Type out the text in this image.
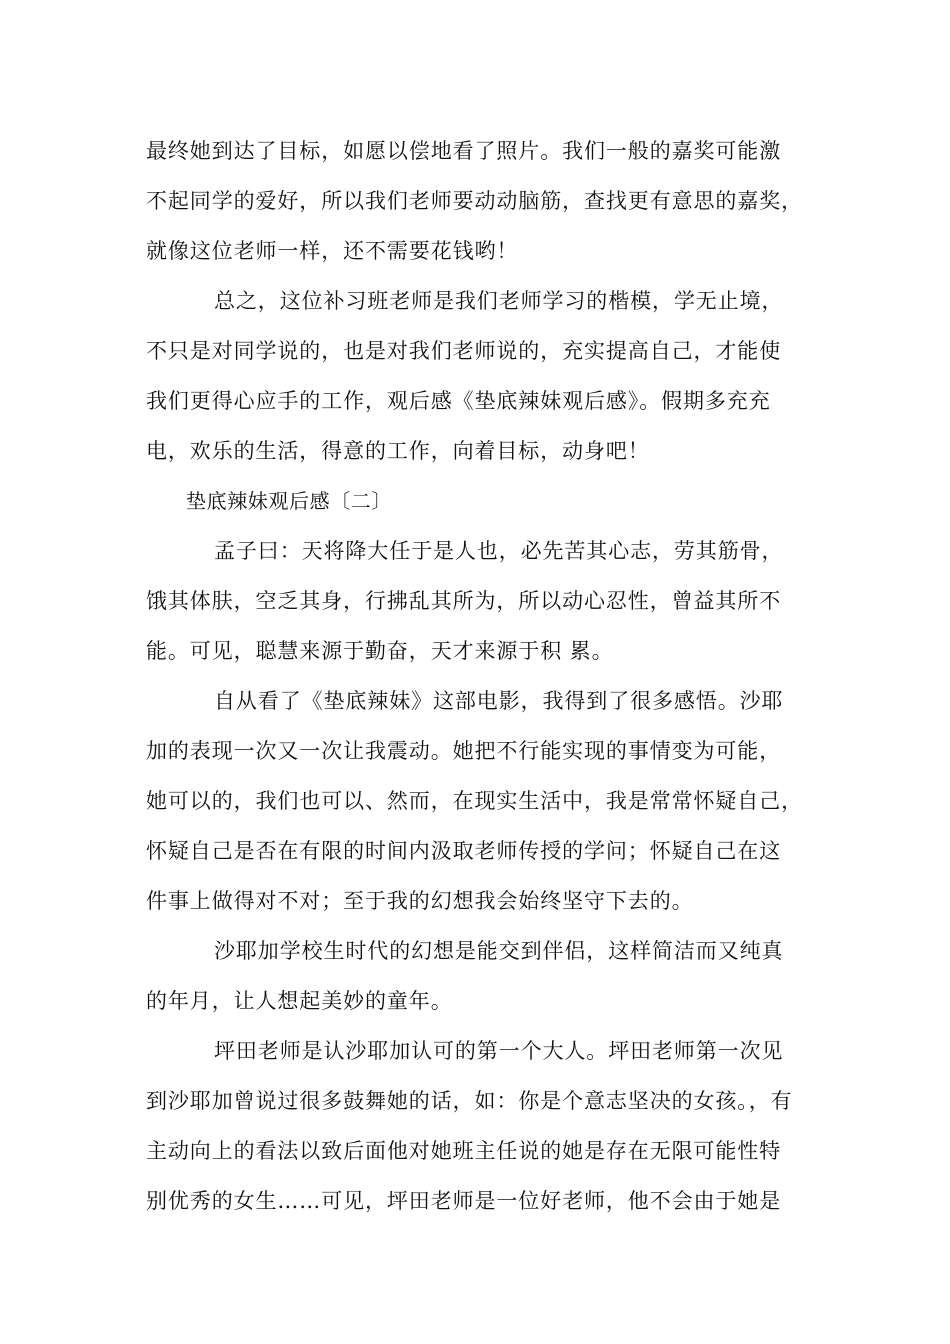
最终她到达了目标，如愿以偿地看了照片。我们一般的嘉奖可能激
不起同学的爱好，所以我们老师要动动脑筋，查找更有意思的嘉奖，
就像这位老师一样，还不需要花钱哟！
总之，这位补习班老师是我们老师学习的楷模，学无止境，
不只是对同学说的，也是对我们老师说的，充实提高自己，才能使
我们更得心应手的工作，观后感《垫底辣妹观后感》。假期多充充
电，欢乐的生活，得意的工作，向着目标，动身吧！
垫底辣妹观后感〔二〕
孟子曰：天将降大任于是人也，必先苦其心志，劳其筋骨，
饿其体肤，空乏其身，行拂乱其所为，所以动心忍性，曾益其所不
能。可见，聪慧来源于勤奋，天才来源于积 累。
自从看了《垫底辣妹》这部电影，我得到了很多感悟。沙耶
加的表现一次又一次让我震动。她把不行能实现的事情变为可能，
她可以的，我们也可以、然而，在现实生活中，我是常常怀疑自己，
怀疑自己是否在有限的时间内汲取老师传授的学问；怀疑自己在这
件事上做得对不对；至于我的幻想我会始终坚守下去的。
沙耶加学校生时代的幻想是能交到伴侣，这样简洁而又纯真
的年月，让人想起美妙的童年。
坪田老师是认沙耶加认可的第一个大人。坪田老师第一次见
到沙耶加曾说过很多鼓舞她的话，如：你是个意志坚决的女孩。，有
主动向上的看法以致后面他对她班主任说的她是存在无限可能性特
别优秀的女生……可见，坪田老师是一位好老师，他不会由于她是
